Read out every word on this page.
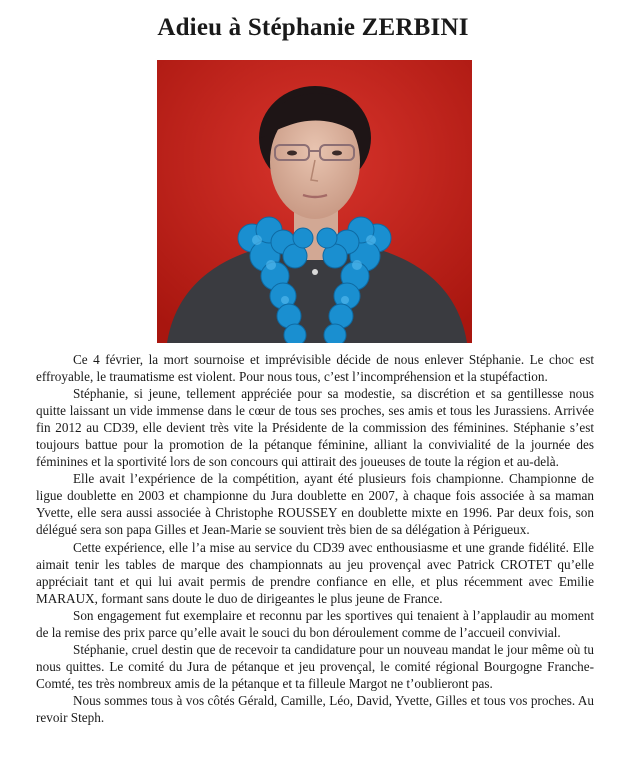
Adieu à Stéphanie ZERBINI

Ce 4 février, la mort sournoise et imprévisible décide de nous enlever Stéphanie. Le choc est effroyable, le traumatisme est violent. Pour nous tous, c’est l’incompréhension et la stupéfaction.

Stéphanie, si jeune, tellement appréciée pour sa modestie, sa discrétion et sa gentillesse nous quitte laissant un vide immense dans le cœur de tous ses proches, ses amis et tous les Jurassiens. Arrivée fin 2012 au CD39, elle devient très vite la Présidente de la commission des féminines. Stéphanie s’est toujours battue pour la promotion de la pétanque féminine, alliant la convivialité de la journée des féminines et la sportivité lors de son concours qui attirait des joueuses de toute la région et au-delà.

Elle avait l’expérience de la compétition, ayant été plusieurs fois championne. Championne de ligue doublette en 2003 et championne du Jura doublette en 2007, à chaque fois associée à sa maman Yvette, elle sera aussi associée à Christophe ROUSSEY en doublette mixte en 1996. Par deux fois, son délégué sera son papa Gilles et Jean-Marie se souvient très bien de sa délégation à Périgueux.

Cette expérience, elle l’a mise au service du CD39 avec enthousiasme et une grande fidélité. Elle aimait tenir les tables de marque des championnats au jeu provençal avec Patrick CROTET qu’elle appréciait tant et qui lui avait permis de prendre confiance en elle, et plus récemment avec Emilie MARAUX, formant sans doute le duo de dirigeantes le plus jeune de France.

Son engagement fut exemplaire et reconnu par les sportives qui tenaient à l’applaudir au moment de la remise des prix parce qu’elle avait le souci du bon déroulement comme de l’accueil convivial.

Stéphanie, cruel destin que de recevoir ta candidature pour un nouveau mandat le jour même où tu nous quittes. Le comité du Jura de pétanque et jeu provençal, le comité régional Bourgogne Franche-Comté, tes très nombreux amis de la pétanque et ta filleule Margot ne t’oublieront pas.

Nous sommes tous à vos côtés Gérald, Camille, Léo, David, Yvette, Gilles et tous vos proches. Au revoir Steph.
